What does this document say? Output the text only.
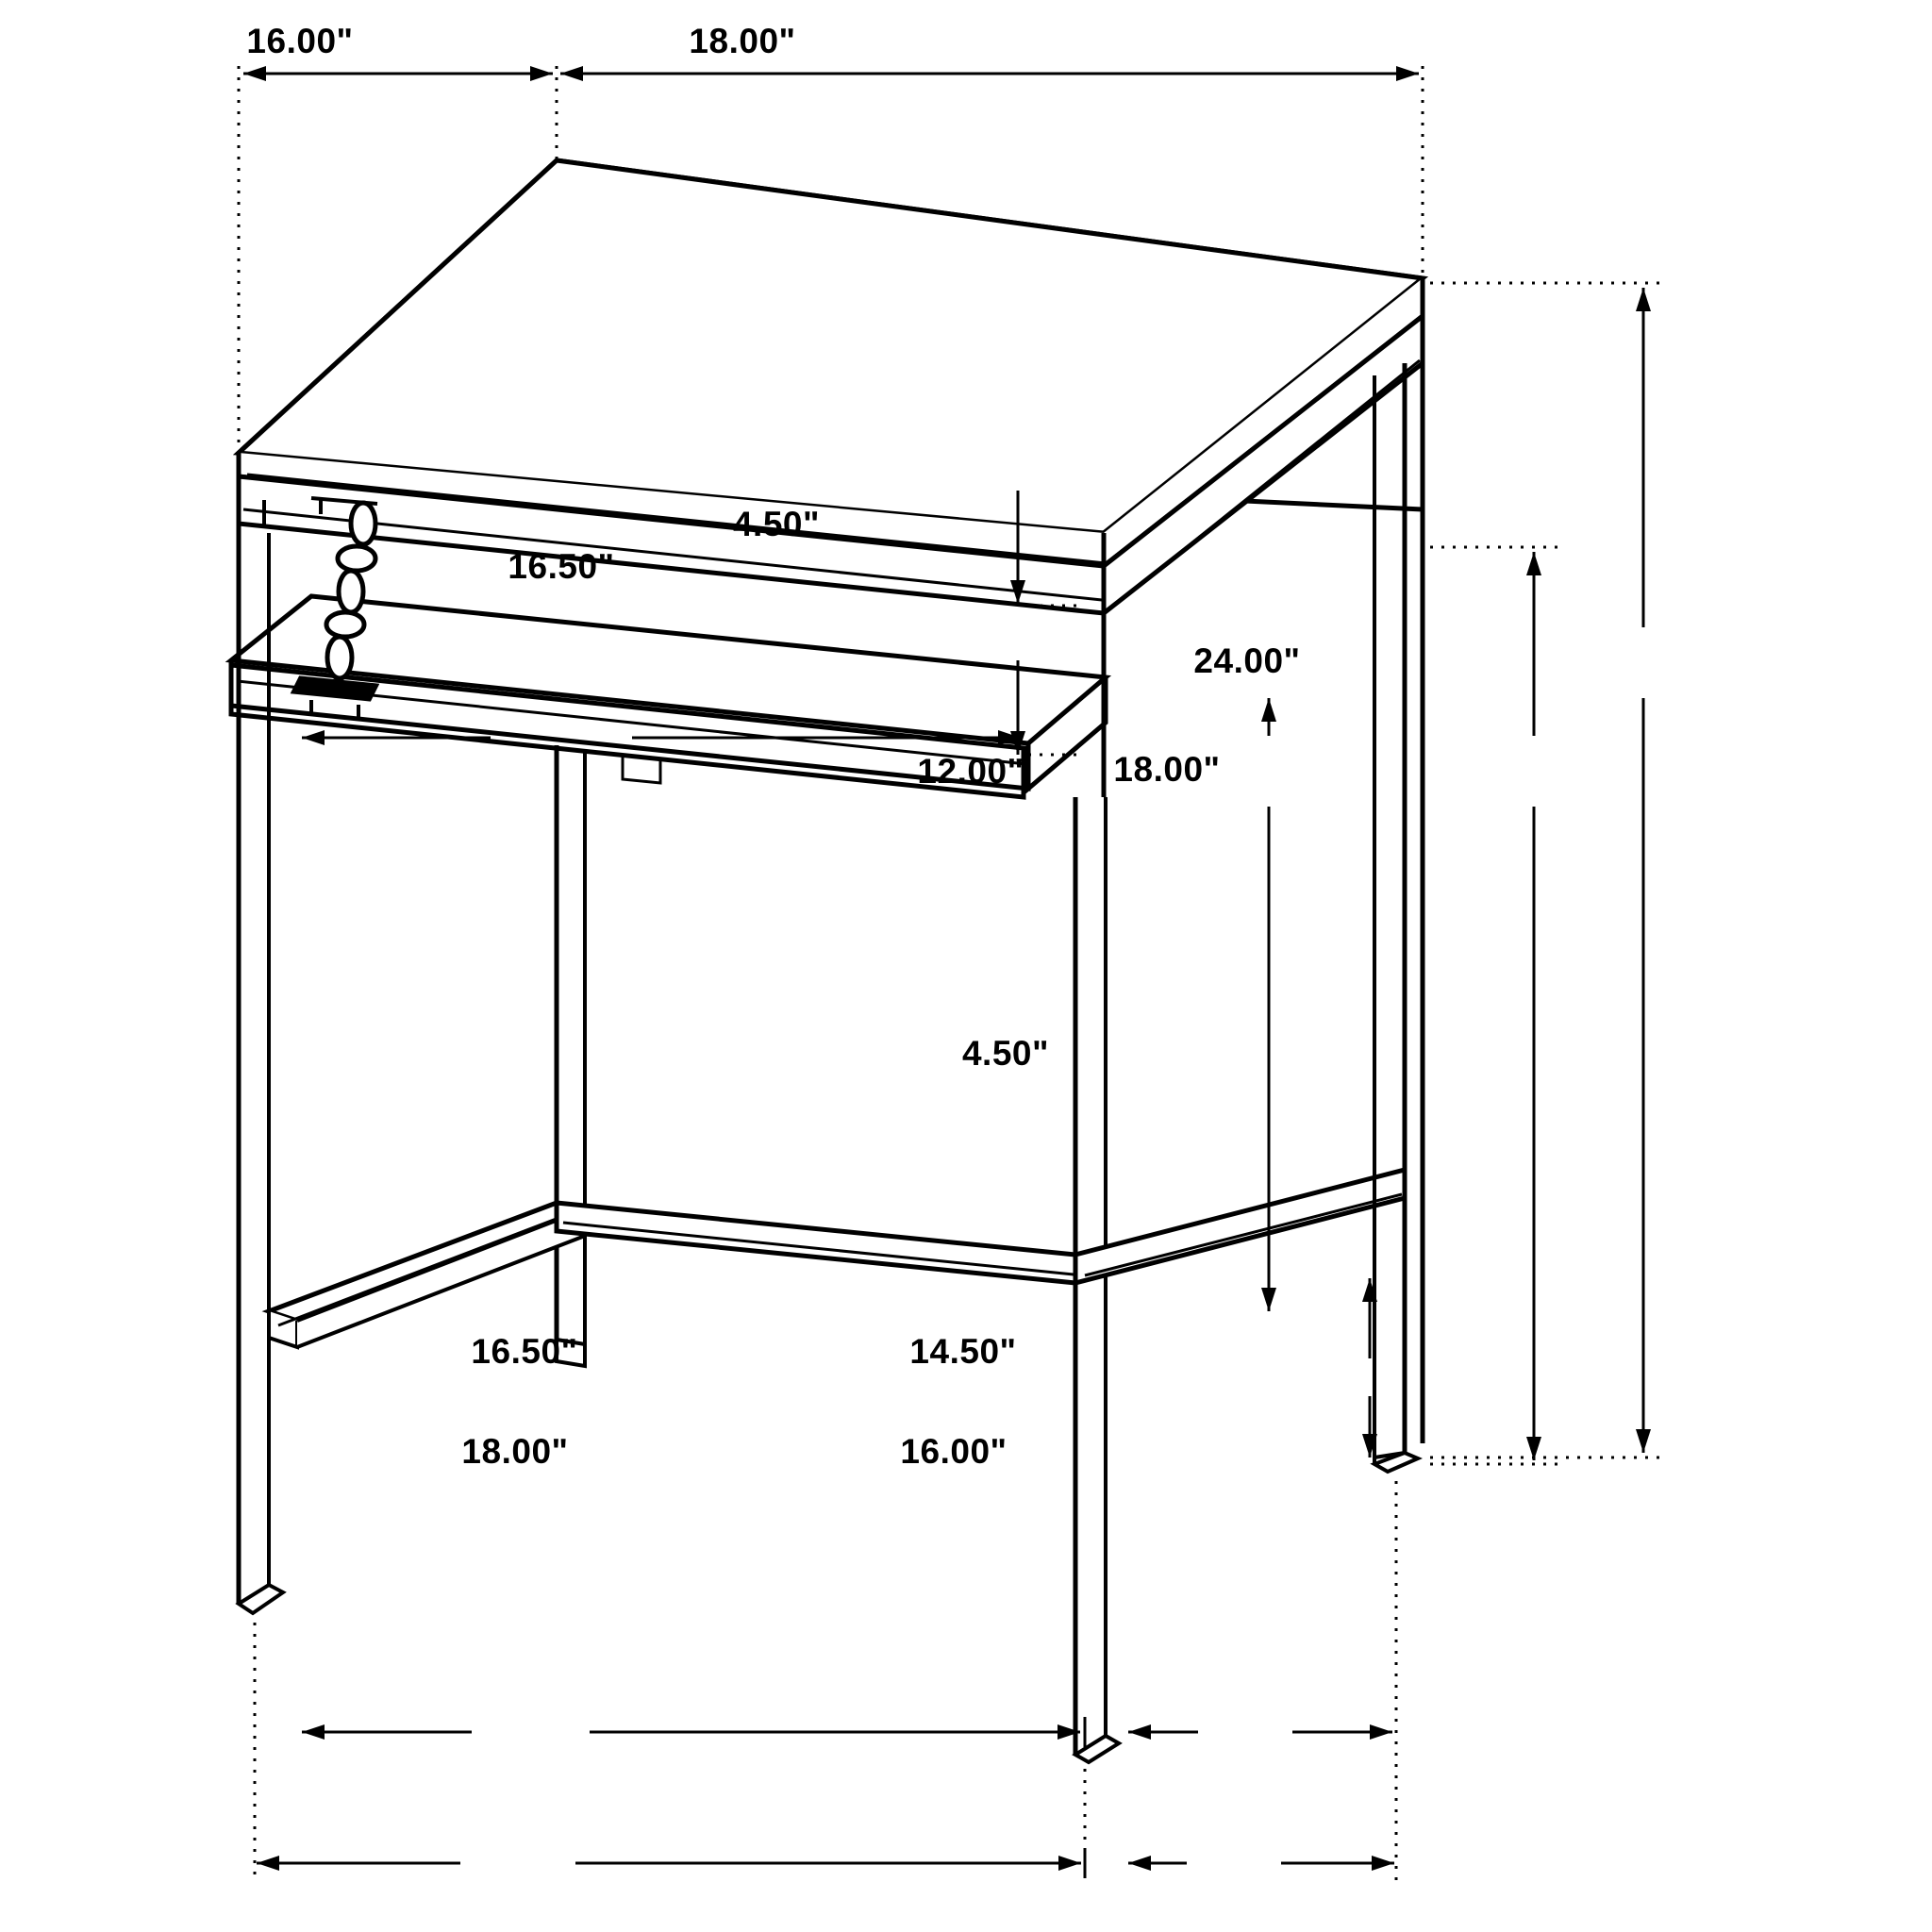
16.00"	18.00"
4.50"
16.50"
12.00"	18.00"
24.00"
4.50"
16.50"	14.50"
18.00"	16.00"
